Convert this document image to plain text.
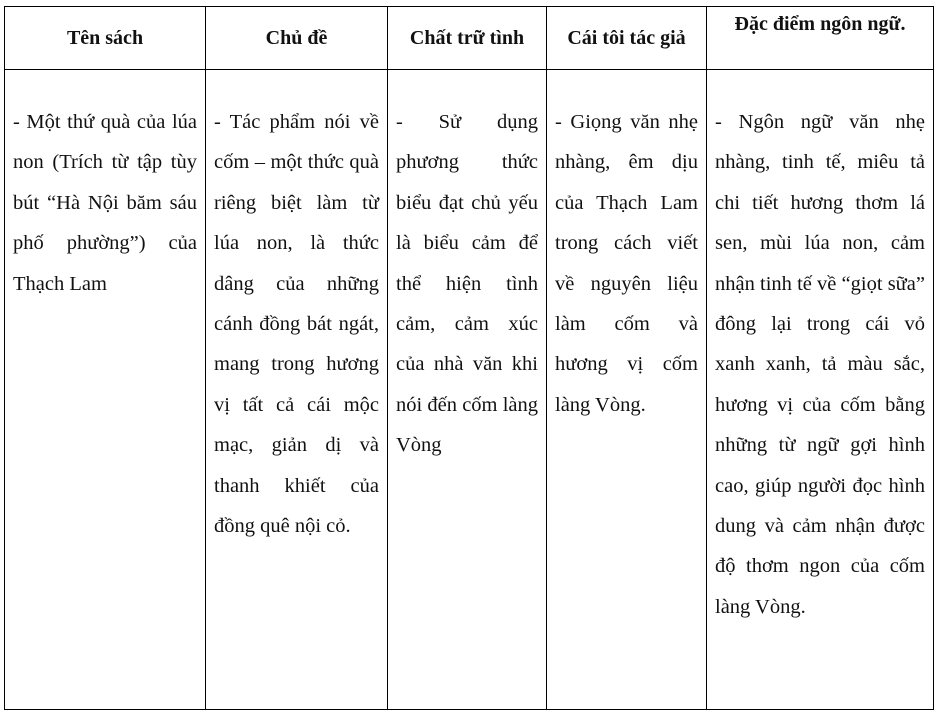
Tên sách	Chủ đề	Chất trữ tình	Cái tôi tác giả	Đặc điểm ngôn ngữ.

- Một thứ quà của lúa non (Trích từ tập tùy bút “Hà Nội băm sáu phố phường”) của Thạch Lam	- Tác phẩm nói về cốm – một thức quà riêng biệt làm từ lúa non, là thức dâng của những cánh đồng bát ngát, mang trong hương vị tất cả cái mộc mạc, giản dị và thanh khiết của đồng quê nội cỏ.	- Sử dụng phương thức biểu đạt chủ yếu là biểu cảm để thể hiện tình cảm, cảm xúc của nhà văn khi nói đến cốm làng Vòng	- Giọng văn nhẹ nhàng, êm dịu của Thạch Lam trong cách viết về nguyên liệu làm cốm và hương vị cốm làng Vòng.	- Ngôn ngữ văn nhẹ nhàng, tinh tế, miêu tả chi tiết hương thơm lá sen, mùi lúa non, cảm nhận tinh tế về “giọt sữa” đông lại trong cái vỏ xanh xanh, tả màu sắc, hương vị của cốm bằng những từ ngữ gợi hình cao, giúp người đọc hình dung và cảm nhận được độ thơm ngon của cốm làng Vòng.
